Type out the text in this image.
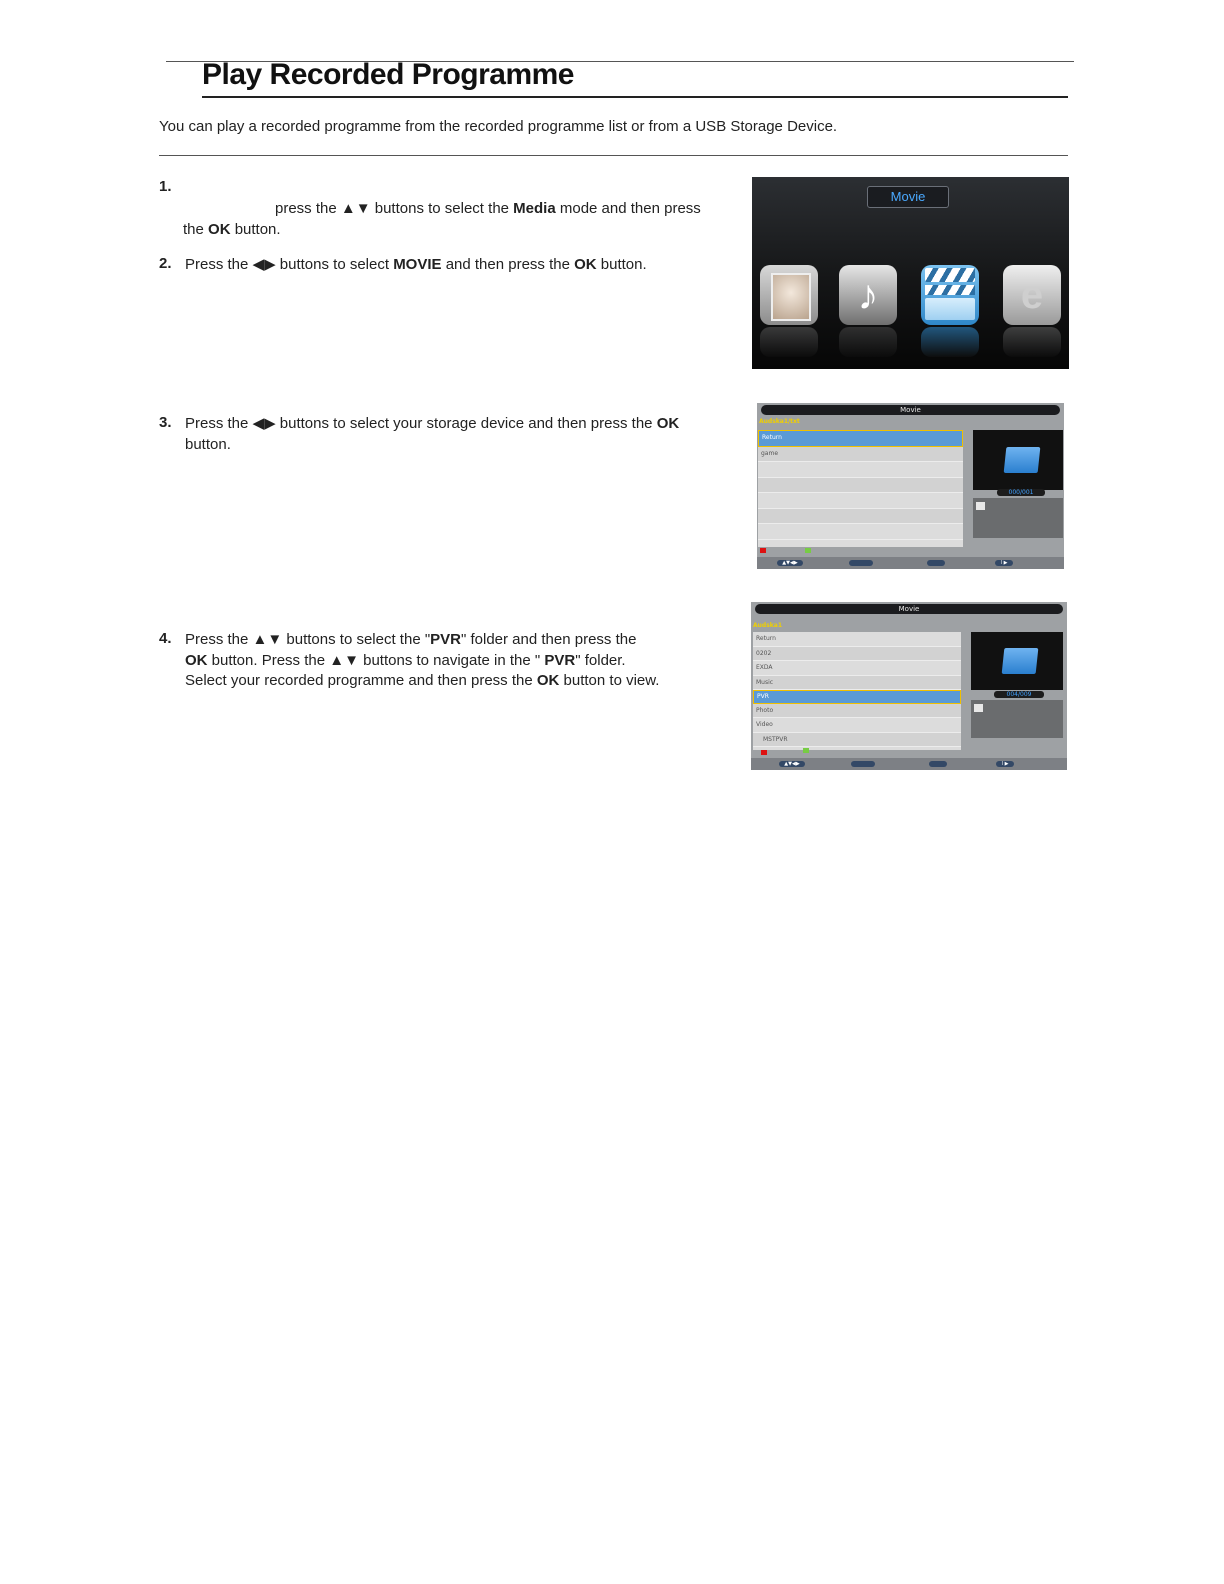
Play Recorded Programme
You can play a recorded programme from the recorded programme list or from a USB Storage Device.
1.
press the ▲▼ buttons to select the Media mode and then press
the OK button.
2. Press the ◀▶ buttons to select MOVIE and then press the OK button.
3. Press the ◀▶ buttons to select your storage device and then press the OK
button.
4. Press the ▲▼ buttons to select the "PVR" folder and then press the
OK button. Press the ▲▼ buttons to navigate in the " PVR" folder.
Select your recorded programme and then press the OK button to view.
Movie
♪	e
Movie
Audska1/txt
Return
game
000/001
▲▼◀▶	I ▶
Movie
Audska1
Return
0202
EXDA
Music
PVR
Photo
Video
MSTPVR
004/009
▲▼◀▶	I ▶
